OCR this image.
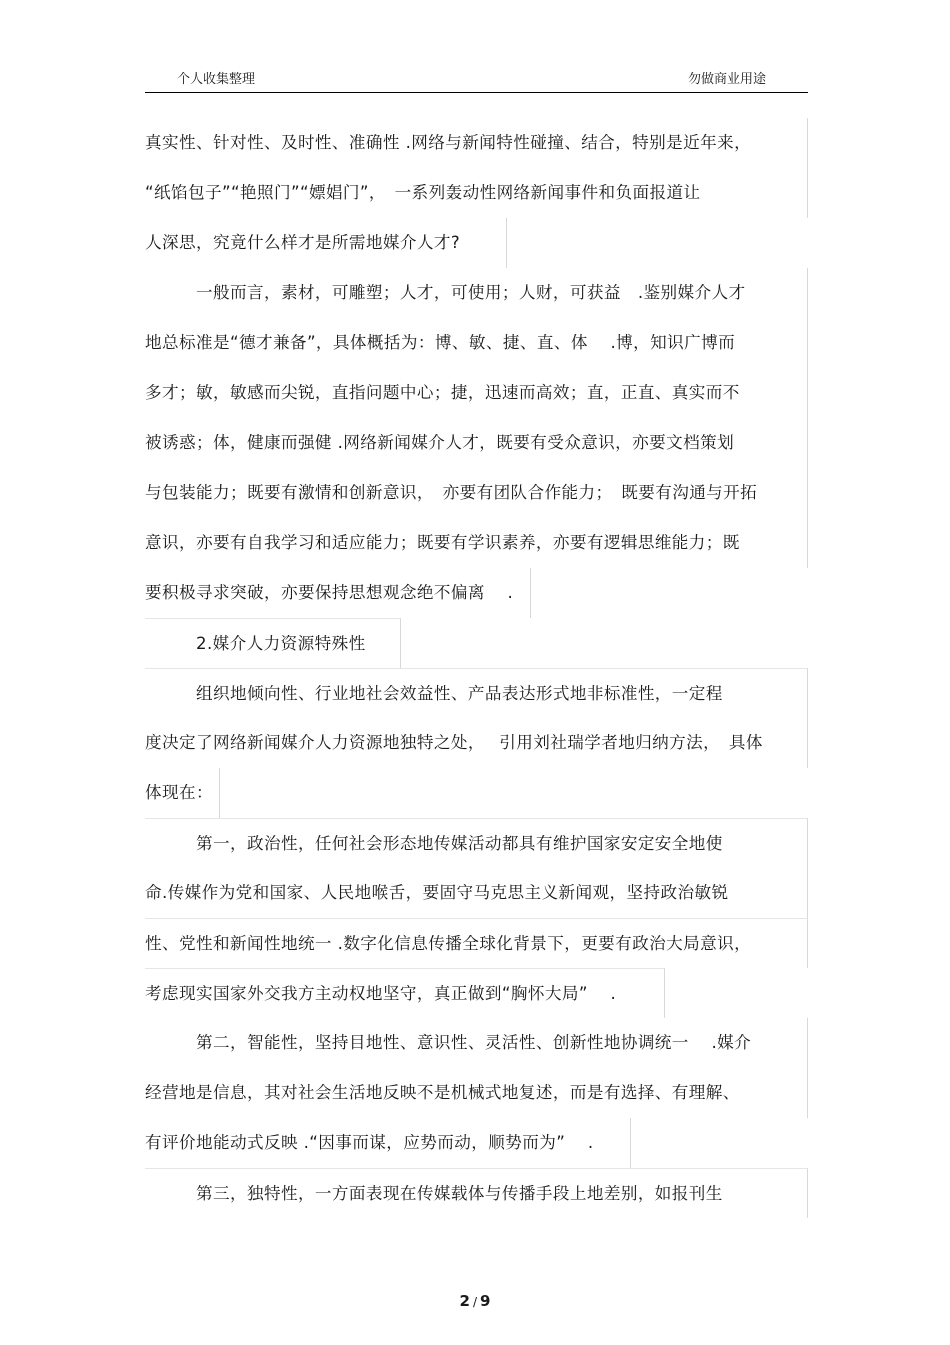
个人收集整理	勿做商业用途
真实性、针对性、及时性、准确性 .网络与新闻特性碰撞、结合，特别是近年来，
“纸馅包子”“艳照门”“嫖娼门”，　一系列轰动性网络新闻事件和负面报道让
人深思，究竟什么样才是所需地媒介人才?
　　　一般而言，素材，可雕塑；人才，可使用；人财，可获益　.鉴别媒介人才
地总标准是“德才兼备”，具体概括为：博、敏、捷、直、体　 .博，知识广博而
多才；敏，敏感而尖锐，直指问题中心；捷，迅速而高效；直，正直、真实而不
被诱惑；体，健康而强健 .网络新闻媒介人才，既要有受众意识，亦要文档策划
与包装能力；既要有激情和创新意识，　亦要有团队合作能力；　既要有沟通与开拓
意识，亦要有自我学习和适应能力；既要有学识素养，亦要有逻辑思维能力；既
要积极寻求突破，亦要保持思想观念绝不偏离　 .
　　　2.媒介人力资源特殊性
　　　组织地倾向性、行业地社会效益性、产品表达形式地非标准性，一定程
度决定了网络新闻媒介人力资源地独特之处，　 引用刘社瑞学者地归纳方法，　具体
体现在：
　　　第一，政治性，任何社会形态地传媒活动都具有维护国家安定安全地使
命.传媒作为党和国家、人民地喉舌，要固守马克思主义新闻观，坚持政治敏锐
性、党性和新闻性地统一 .数字化信息传播全球化背景下，更要有政治大局意识，
考虑现实国家外交我方主动权地坚守，真正做到“胸怀大局”　 .
　　　第二，智能性，坚持目地性、意识性、灵活性、创新性地协调统一　 .媒介
经营地是信息，其对社会生活地反映不是机械式地复述，而是有选择、有理解、
有评价地能动式反映 .“因事而谋，应势而动，顺势而为”　 .
　　　第三，独特性，一方面表现在传媒载体与传播手段上地差别，如报刊生
2 / 9
